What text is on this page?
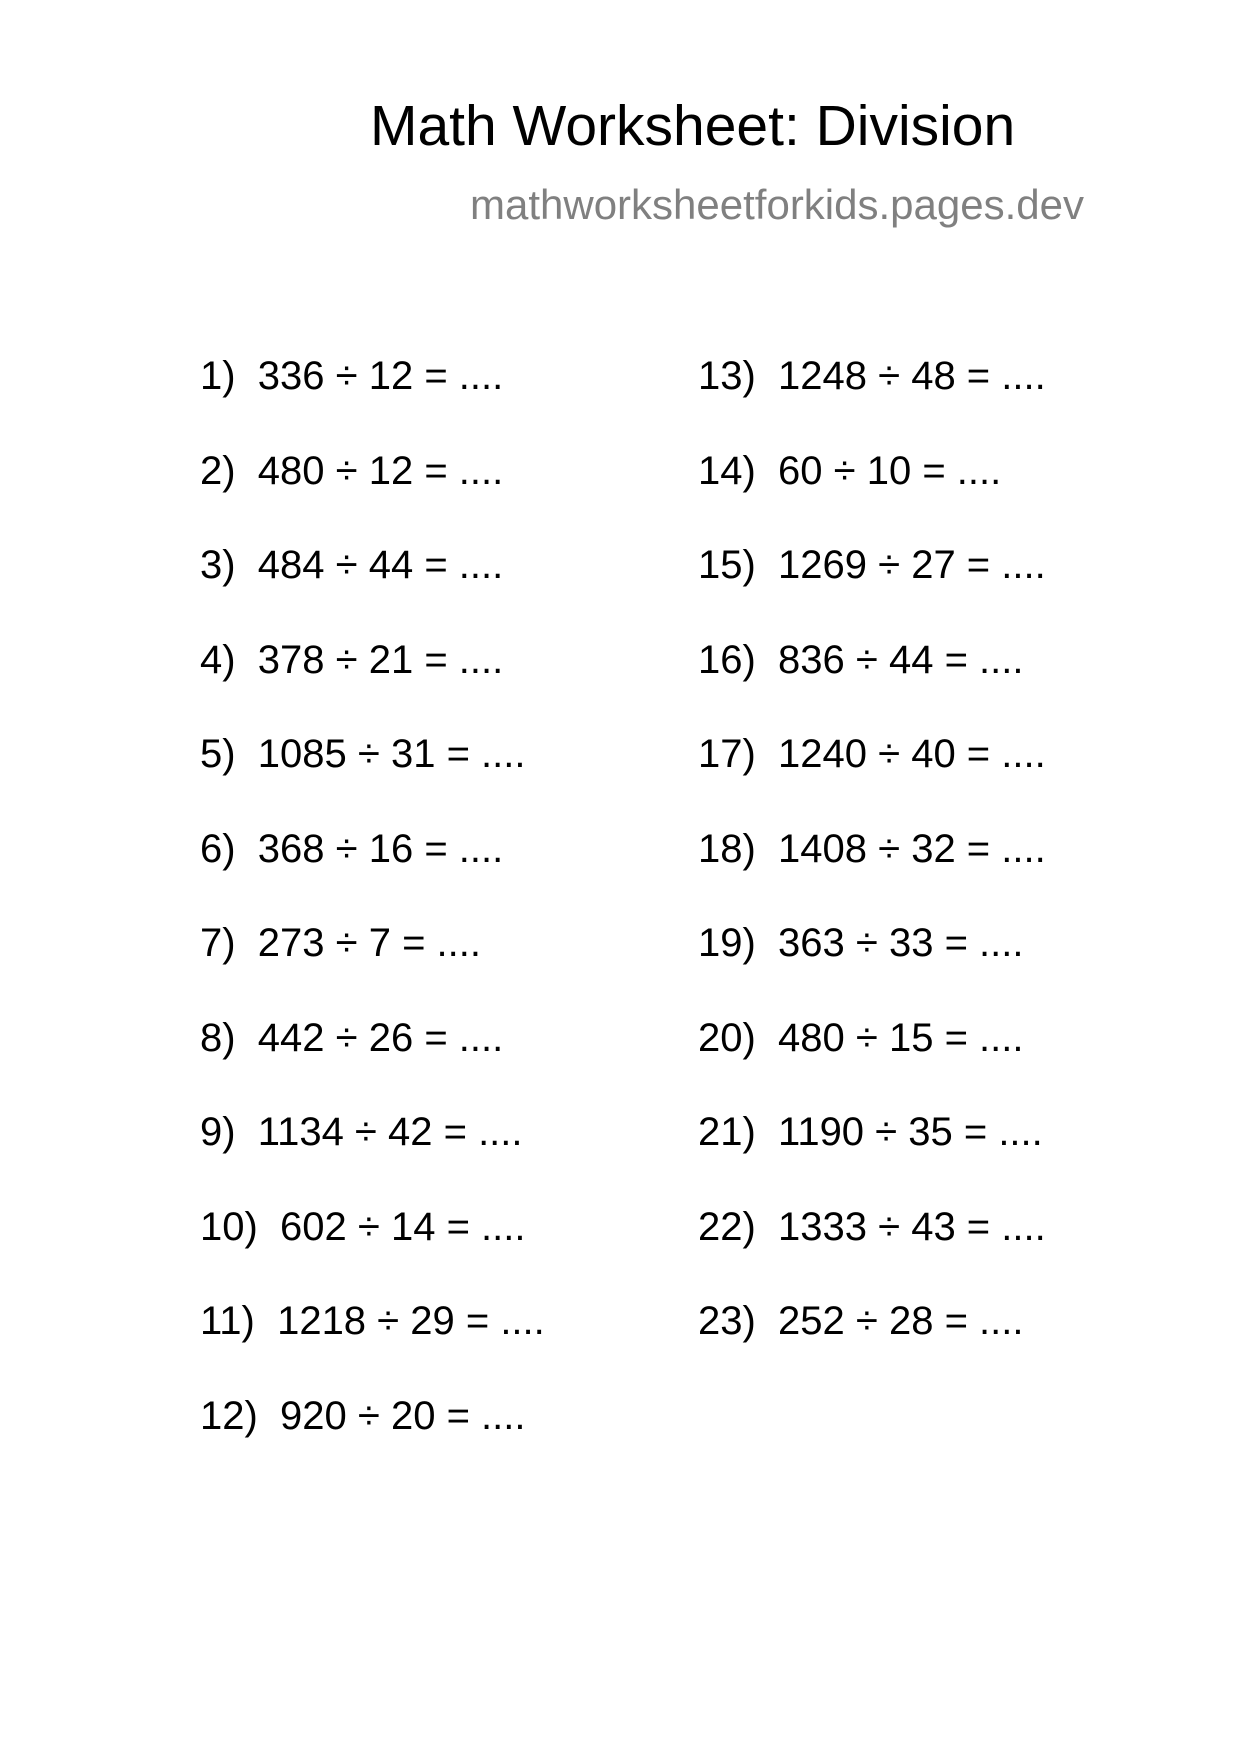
Math Worksheet: Division
mathworksheetforkids.pages.dev
1)  336 ÷ 12 = ....
2)  480 ÷ 12 = ....
3)  484 ÷ 44 = ....
4)  378 ÷ 21 = ....
5)  1085 ÷ 31 = ....
6)  368 ÷ 16 = ....
7)  273 ÷ 7 = ....
8)  442 ÷ 26 = ....
9)  1134 ÷ 42 = ....
10)  602 ÷ 14 = ....
11)  1218 ÷ 29 = ....
12)  920 ÷ 20 = ....
13)  1248 ÷ 48 = ....
14)  60 ÷ 10 = ....
15)  1269 ÷ 27 = ....
16)  836 ÷ 44 = ....
17)  1240 ÷ 40 = ....
18)  1408 ÷ 32 = ....
19)  363 ÷ 33 = ....
20)  480 ÷ 15 = ....
21)  1190 ÷ 35 = ....
22)  1333 ÷ 43 = ....
23)  252 ÷ 28 = ....
